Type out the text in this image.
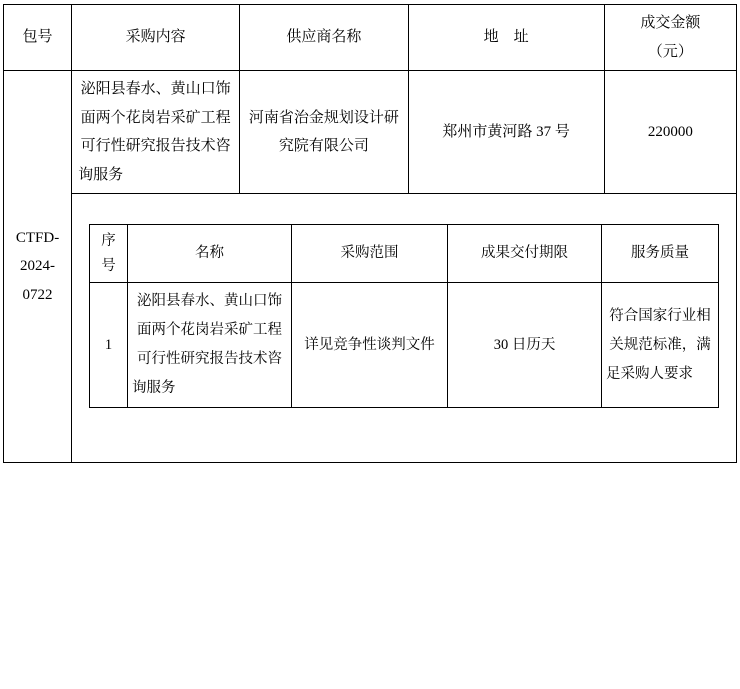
包号	采购内容	供应商名称	地　址	成交金额
（元）

CTFD-
2024-
0722
	泌阳县春水、黄山口饰面两个花岗岩采矿工程可行性研究报告技术咨询服务	河南省治金规划设计研究院有限公司	郑州市黄河路 37 号	220000

序
号
	名称	采购范围	成果交付期限	服务质量
1	泌阳县春水、黄山口饰面两个花岗岩采矿工程可行性研究报告技术咨询服务	详见竞争性谈判文件	30 日历天	符合国家行业相关规范标准，满足采购人要求
